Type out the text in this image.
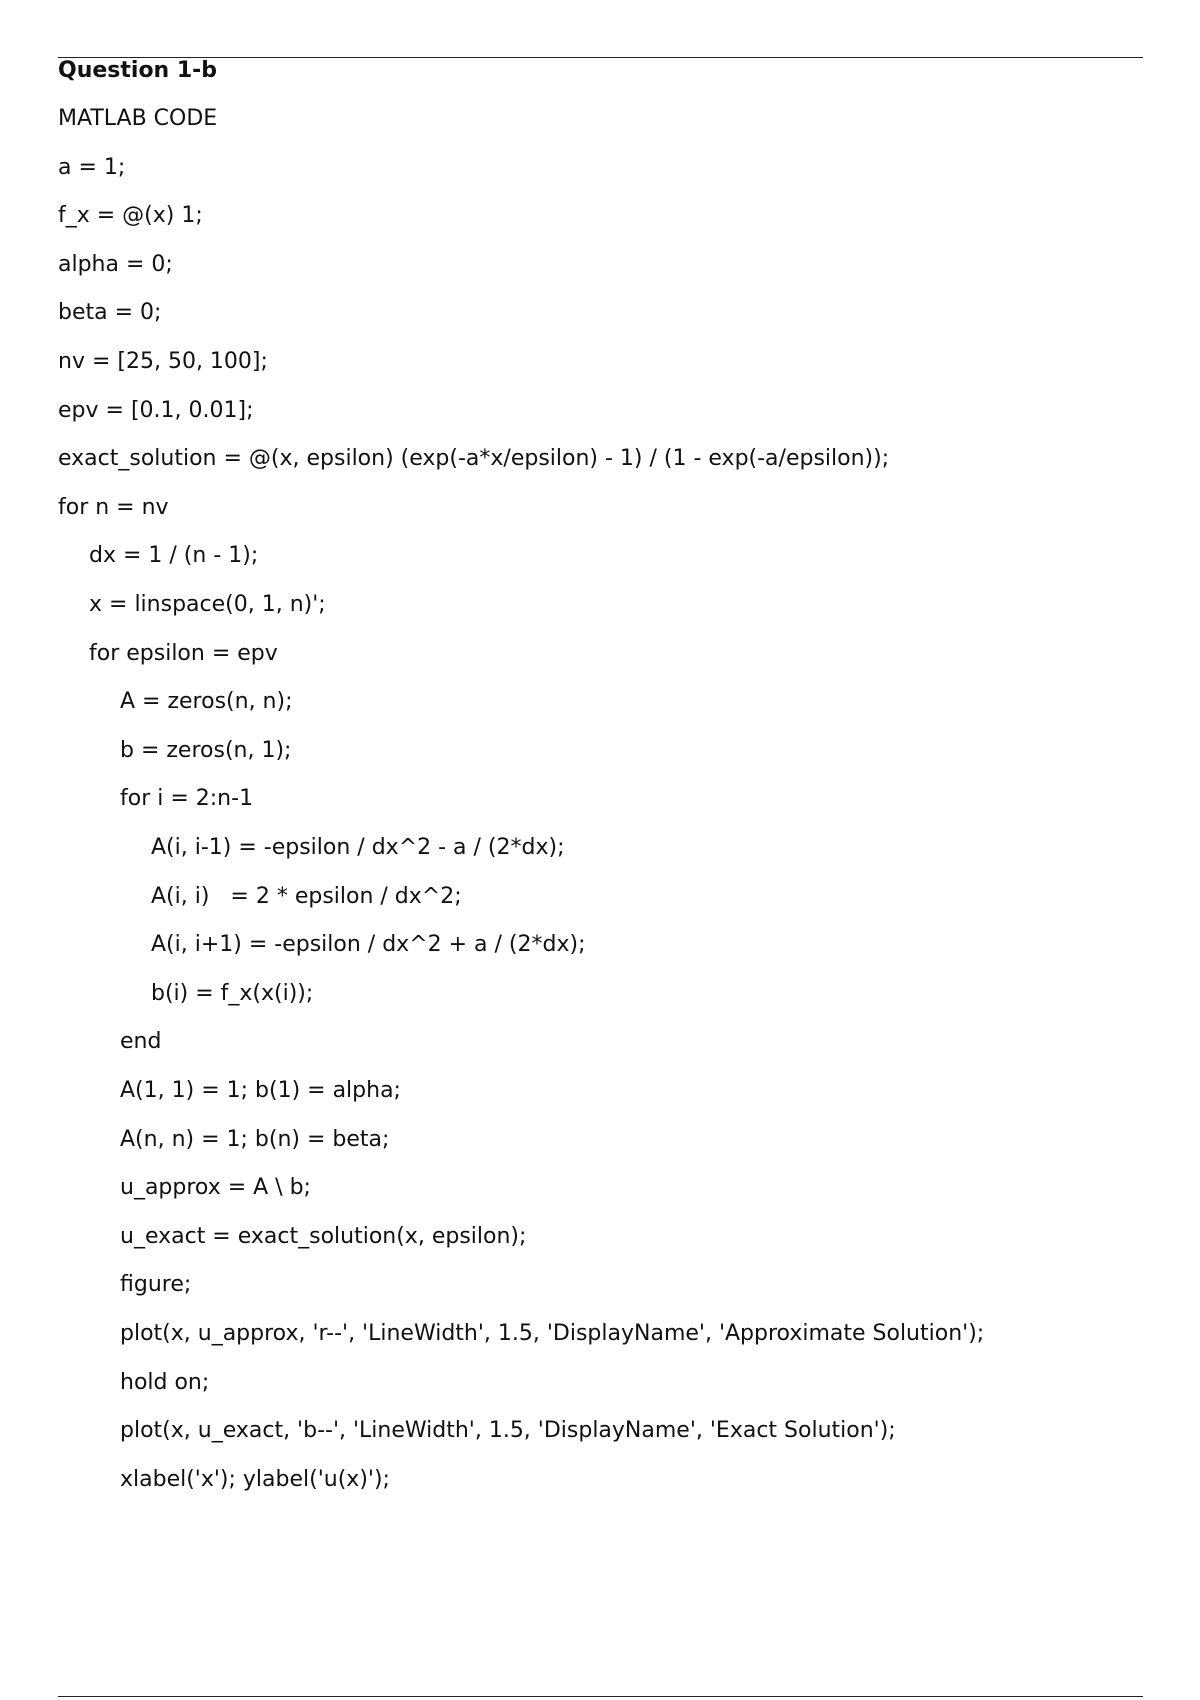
Question 1-b
MATLAB CODE
a = 1;
f_x = @(x) 1;
alpha = 0;
beta = 0;
nv = [25, 50, 100];
epv = [0.1, 0.01];
exact_solution = @(x, epsilon) (exp(-a*x/epsilon) - 1) / (1 - exp(-a/epsilon));
for n = nv
dx = 1 / (n - 1);
x = linspace(0, 1, n)';
for epsilon = epv
A = zeros(n, n);
b = zeros(n, 1);
for i = 2:n-1
A(i, i-1) = -epsilon / dx^2 - a / (2*dx);
A(i, i)   = 2 * epsilon / dx^2;
A(i, i+1) = -epsilon / dx^2 + a / (2*dx);
b(i) = f_x(x(i));
end
A(1, 1) = 1; b(1) = alpha;
A(n, n) = 1; b(n) = beta;
u_approx = A \ b;
u_exact = exact_solution(x, epsilon);
figure;
plot(x, u_approx, 'r--', 'LineWidth', 1.5, 'DisplayName', 'Approximate Solution');
hold on;
plot(x, u_exact, 'b--', 'LineWidth', 1.5, 'DisplayName', 'Exact Solution');
xlabel('x'); ylabel('u(x)');
